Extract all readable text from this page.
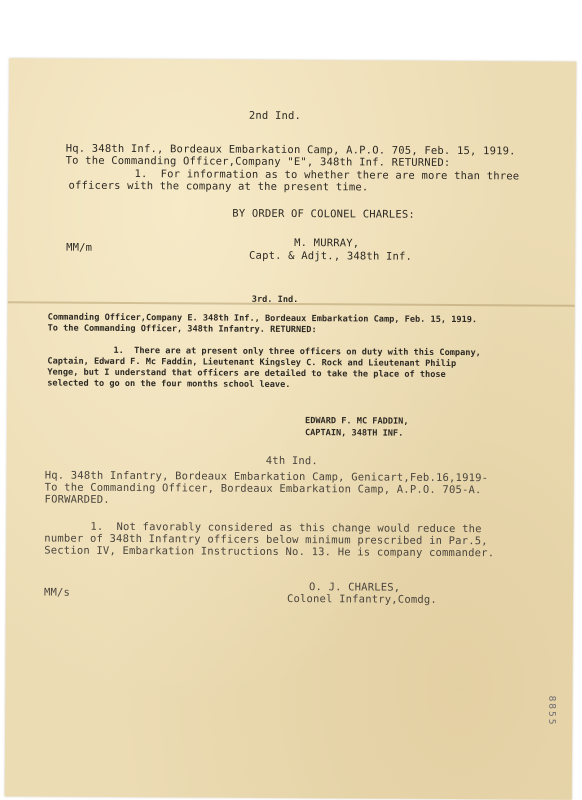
2nd Ind.
Hq. 348th Inf., Bordeaux Embarkation Camp, A.P.O. 705, Feb. 15, 1919.
To the Commanding Officer,Company "E", 348th Inf. RETURNED:
1.  For information as to whether there are more than three
officers with the company at the present time.
BY ORDER OF COLONEL CHARLES:
MM/m	M. MURRAY,
Capt. & Adjt., 348th Inf.
3rd. Ind.
Commanding Officer,Company E. 348th Inf., Bordeaux Embarkation Camp, Feb. 15, 1919.
To the Commanding Officer, 348th Infantry. RETURNED:
1.  There are at present only three officers on duty with this Company,
Captain, Edward F. Mc Faddin, Lieutenant Kingsley C. Rock and Lieutenant Philip
Yenge, but I understand that officers are detailed to take the place of those
selected to go on the four months school leave.
EDWARD F. MC FADDIN,
CAPTAIN, 348TH INF.
4th Ind.
Hq. 348th Infantry, Bordeaux Embarkation Camp, Genicart,Feb.16,1919-
To the Commanding Officer, Bordeaux Embarkation Camp, A.P.O. 705-A.
FORWARDED.
1.  Not favorably considered as this change would reduce the
number of 348th Infantry officers below minimum prescribed in Par.5,
Section IV, Embarkation Instructions No. 13. He is company commander.
MM/s	O. J. CHARLES,
Colonel Infantry,Comdg.
8855
